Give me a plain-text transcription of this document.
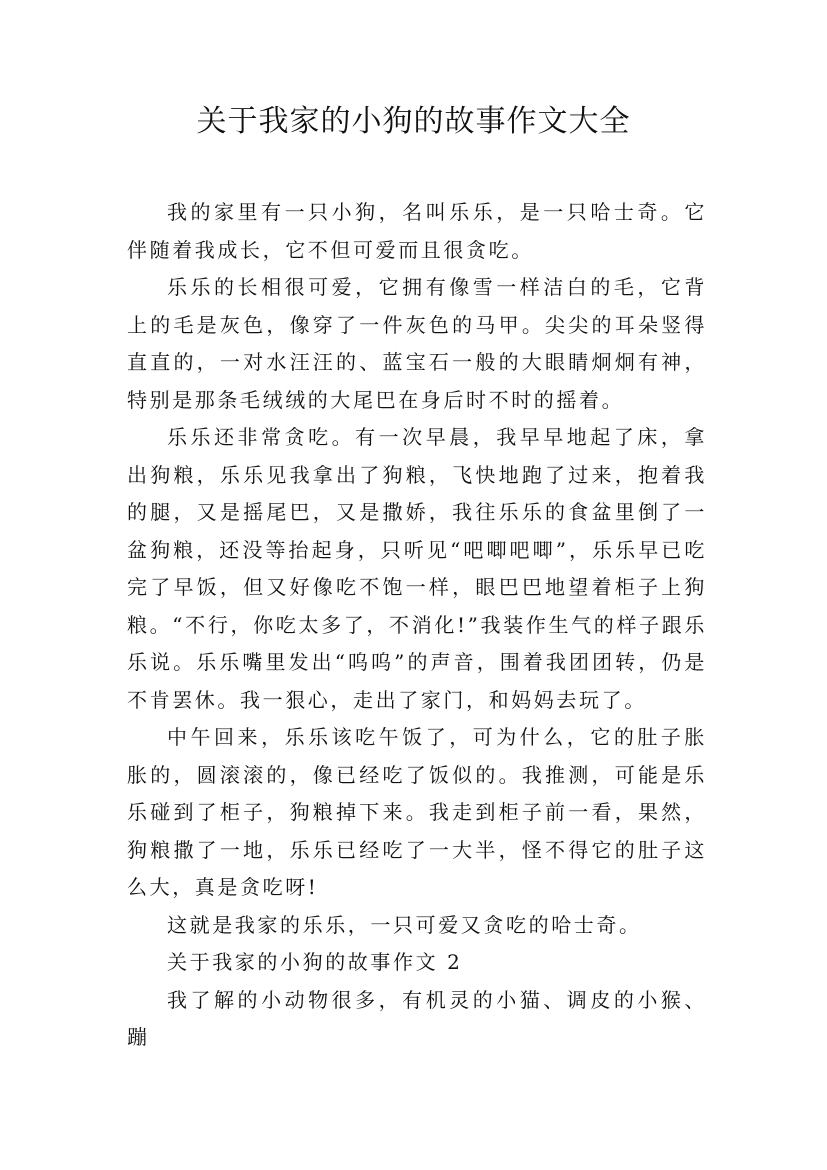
关于我家的小狗的故事作文大全

我的家里有一只小狗，名叫乐乐，是一只哈士奇。它伴随着我成长，它不但可爱而且很贪吃。

乐乐的长相很可爱，它拥有像雪一样洁白的毛，它背上的毛是灰色，像穿了一件灰色的马甲。尖尖的耳朵竖得直直的，一对水汪汪的、蓝宝石一般的大眼睛炯炯有神，特别是那条毛绒绒的大尾巴在身后时不时的摇着。

乐乐还非常贪吃。有一次早晨，我早早地起了床，拿出狗粮，乐乐见我拿出了狗粮，飞快地跑了过来，抱着我的腿，又是摇尾巴，又是撒娇，我往乐乐的食盆里倒了一盆狗粮，还没等抬起身，只听见“吧唧吧唧”，乐乐早已吃完了早饭，但又好像吃不饱一样，眼巴巴地望着柜子上狗粮。“不行，你吃太多了，不消化!”我装作生气的样子跟乐乐说。乐乐嘴里发出“呜呜”的声音，围着我团团转，仍是不肯罢休。我一狠心，走出了家门，和妈妈去玩了。

中午回来，乐乐该吃午饭了，可为什么，它的肚子胀胀的，圆滚滚的，像已经吃了饭似的。我推测，可能是乐乐碰到了柜子，狗粮掉下来。我走到柜子前一看，果然，狗粮撒了一地，乐乐已经吃了一大半，怪不得它的肚子这么大，真是贪吃呀!

这就是我家的乐乐，一只可爱又贪吃的哈士奇。

关于我家的小狗的故事作文 2

我了解的小动物很多，有机灵的小猫、调皮的小猴、蹦
